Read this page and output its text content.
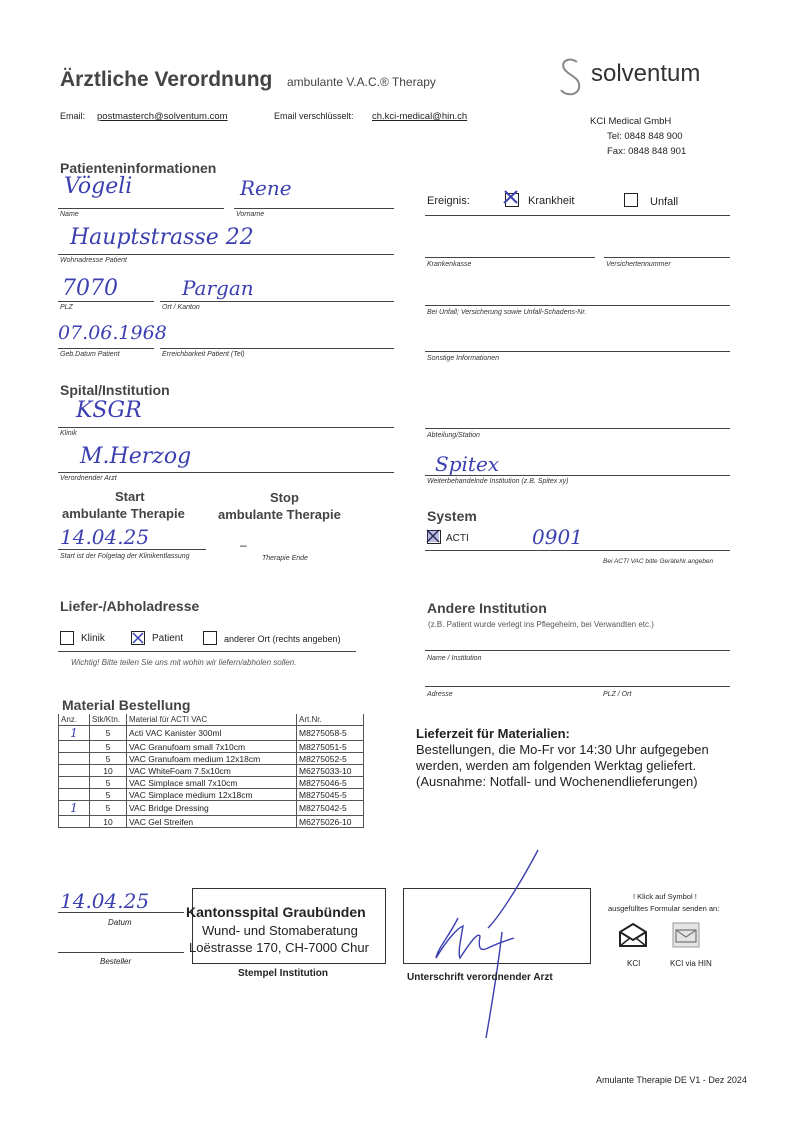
Ärztliche Verordnung ambulante V.A.C.® Therapy	solventum
Email: postmasterch@solventum.com	Email verschlüsselt: ch.kci-medical@hin.ch	KCI Medical GmbH
Tel: 0848 848 900
Fax: 0848 848 901
Patienteninformationen
Vögeli
Name
Rene
Vorname
Hauptstrasse 22
Wohnadresse Patient
7070
PLZ
Pargan
Ort / Kanton
07.06.1968
Geb.Datum Patient	Erreichbarkeit Patient (Tel)
Ereignis:	Krankheit	Unfall
Krankenkasse	Versichertennummer
Bei Unfall; Versicherung sowie Unfall-Schadens-Nr.
Sonstige Informationen
Spital/Institution
KSGR
Klinik
M.Herzog
Verordnender Arzt
Abteilung/Station
Spitex
Weiterbehandelnde Institution (z.B. Spitex xy)
Start
ambulante Therapie
Stop
ambulante Therapie
14.04.25
Start ist der Folgetag der Klinikentlassung
–
Therapie Ende
System
ACTI	0901
Bei ACTI VAC bitte GeräteNr.angeben
Liefer-/Abholadresse
Klinik	Patient	anderer Ort (rechts angeben)
Wichtig! Bitte teilen Sie uns mit wohin wir liefern/abholen sollen.
Andere Institution
(z.B. Patient wurde verlegt ins Pflegeheim, bei Verwandten etc.)
Name / Institution
Adresse	PLZ / Ort
Material Bestellung
Anz.	Stk/Ktn.	Material für ACTI VAC	Art.Nr.
1	5	Acti VAC Kanister 300ml	M8275058-5
	5	VAC Granufoam small 7x10cm	M8275051-5
	5	VAC Granufoam medium 12x18cm	M8275052-5
	10	VAC WhiteFoam 7.5x10cm	M6275033-10
	5	VAC Simplace small 7x10cm	M8275046-5
	5	VAC Simplace medium 12x18cm	M8275045-5
1	5	VAC Bridge Dressing	M8275042-5
	10	VAC Gel Streifen	M6275026-10
Lieferzeit für Materialien:
Bestellungen, die Mo-Fr vor 14:30 Uhr aufgegeben
werden, werden am folgenden Werktag geliefert.
(Ausnahme: Notfall- und Wochenendlieferungen)
14.04.25
Datum
Besteller
Kantonsspital Graubünden
Wund- und Stomaberatung
Loëstrasse 170, CH-7000 Chur
Stempel Institution	Unterschrift verordnender Arzt
! Klick auf Symbol !
ausgefülltes Formular senden an:
KCI	KCI via HIN
Amulante Therapie DE V1 - Dez 2024
